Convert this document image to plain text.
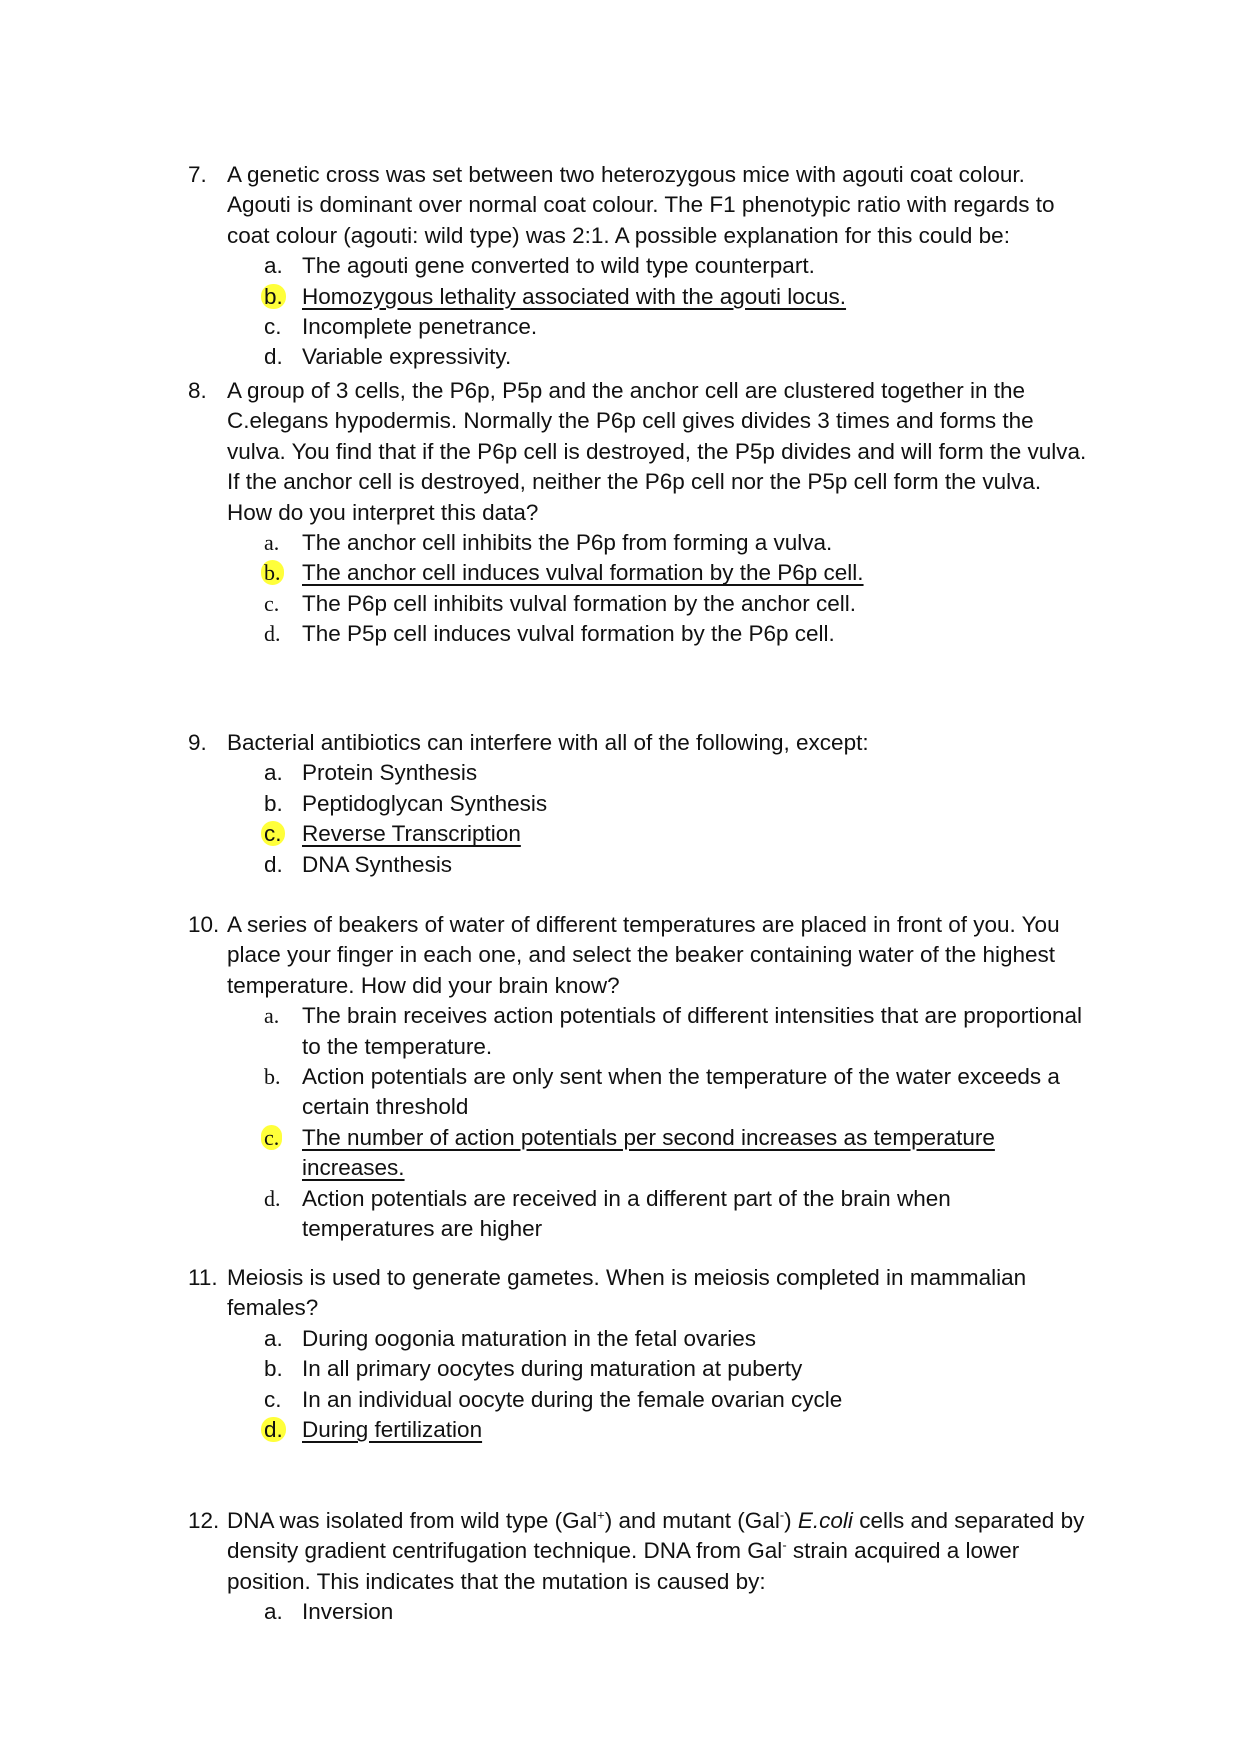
7. A genetic cross was set between two heterozygous mice with agouti coat colour. Agouti is dominant over normal coat colour. The F1 phenotypic ratio with regards to coat colour (agouti: wild type) was 2:1. A possible explanation for this could be:
a. The agouti gene converted to wild type counterpart.
b. Homozygous lethality associated with the agouti locus.
c. Incomplete penetrance.
d. Variable expressivity.
8. A group of 3 cells, the P6p, P5p and the anchor cell are clustered together in the C.elegans hypodermis. Normally the P6p cell gives divides 3 times and forms the vulva. You find that if the P6p cell is destroyed, the P5p divides and will form the vulva. If the anchor cell is destroyed, neither the P6p cell nor the P5p cell form the vulva. How do you interpret this data?
a.	The anchor cell inhibits the P6p from forming a vulva.
b. The anchor cell induces vulval formation by the P6p cell.
c.	The P6p cell inhibits vulval formation by the anchor cell.
d. The P5p cell induces vulval formation by the P6p cell.
9. Bacterial antibiotics can interfere with all of the following, except:
a. Protein Synthesis
b. Peptidoglycan Synthesis
c. Reverse Transcription
d. DNA Synthesis
10. A series of beakers of water of different temperatures are placed in front of you. You place your finger in each one, and select the beaker containing water of the highest temperature. How did your brain know?
a.	The brain receives action potentials of different intensities that are proportional to the temperature.
b. Action potentials are only sent when the temperature of the water exceeds a certain threshold
c.	The number of action potentials per second increases as temperature increases.
d. Action potentials are received in a different part of the brain when temperatures are higher
11. Meiosis is used to generate gametes. When is meiosis completed in mammalian females?
a. During oogonia maturation in the fetal ovaries
b. In all primary oocytes during maturation at puberty
c. In an individual oocyte during the female ovarian cycle
d. During fertilization
12. DNA was isolated from wild type (Gal+) and mutant (Gal-) E.coli cells and separated by density gradient centrifugation technique. DNA from Gal- strain acquired a lower position. This indicates that the mutation is caused by:
a. Inversion
